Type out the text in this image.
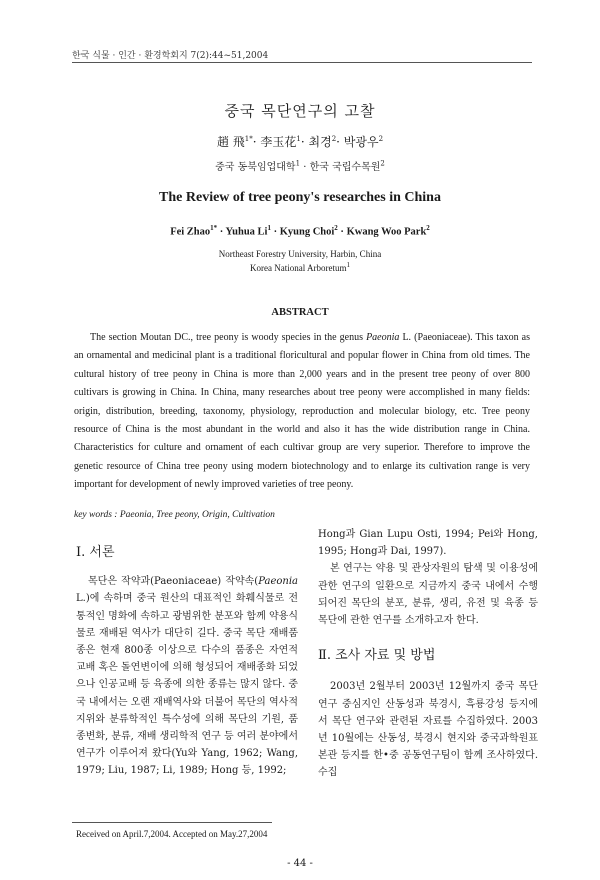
한국 식물 · 인간 · 환경학회지 7(2):44~51,2004
중국 목단연구의 고찰
趙 飛$^{1*}$· 李玉花$^1$· 최경$^2$· 박광우$^2$
중국 동북임업대학$^1$ · 한국 국립수목원$^2$
The Review of tree peony's researches in China
Fei Zhao$^{1*}$ · Yuhua $Li^1$ · Kyung Choi$^2$ · Kwang Woo Park$^2$
Northeast Forestry University, Harbin, China
Korea National Arboretum$^1$
ABSTRACT

The section Moutan DC., tree peony is woody species in the genus Paeonia L. (Paeoniaceae). This taxon as an ornamental and medicinal plant is a traditional floricultural and popular flower in China from old times. The cultural history of tree peony in China is more than 2,000 years and in the present tree peony of over 800 cultivars is growing in China. In China, many researches about tree peony were accomplished in many fields: origin, distribution, breeding, taxonomy, physiology, reproduction and molecular biology, etc. Tree peony resource of China is the most abundant in the world and also it has the wide distribution range in China. Characteristics for culture and ornament of each cultivar group are very superior. Therefore to improve the genetic resource of China tree peony using modern biotechnology and to enlarge its cultivation range is very important for development of newly improved varieties of tree peony.

key words : Paeonia, Tree peony, Origin, Cultivation

Ⅰ. 서론

목단은 작약과(Paeoniaceae) 작약속(Paeonia L.)에 속하며 중국 원산의 대표적인 화훼식물로 전통적인 명화에 속하고 광범위한 분포와 함께 약용식물로 재배된 역사가 대단히 길다. 중국 목단 재배품종은 현재 800종 이상으로 다수의 품종은 자연적 교배 혹은 돌연변이에 의해 형성되어 재배종화 되었으나 인공교배 등 육종에 의한 종류는 많지 않다. 중국 내에서는 오랜 재배역사와 더불어 목단의 역사적 지위와 분류학적인 특수성에 의해 목단의 기원, 품종변화, 분류, 재배 생리학적 연구 등 여러 분야에서 연구가 이루어져 왔다(Yu와 Yang, 1962; Wang, 1979; Liu, 1987; Li, 1989; Hong 등, 1992;

Hong과 Gian Lupu Osti, 1994; Pei와 Hong, 1995; Hong과 Dai, 1997).

본 연구는 약용 및 관상자원의 탐색 및 이용성에 관한 연구의 일환으로 지금까지 중국 내에서 수행되어진 목단의 분포, 분류, 생리, 유전 및 육종 등 목단에 관한 연구를 소개하고자 한다.

Ⅱ. 조사 자료 및 방법

2003년 2월부터 2003년 12월까지 중국 목단연구 중심지인 산동성과 북경시, 흑룡강성 등지에서 목단 연구와 관련된 자료를 수집하였다. 2003년 10월에는 산동성, 북경시 현지와 중국과학원표본관 등지를 한•중 공동연구팀이 함께 조사하였다. 수집

Received on April.7,2004. Accepted on May.27,2004
- 44 -
